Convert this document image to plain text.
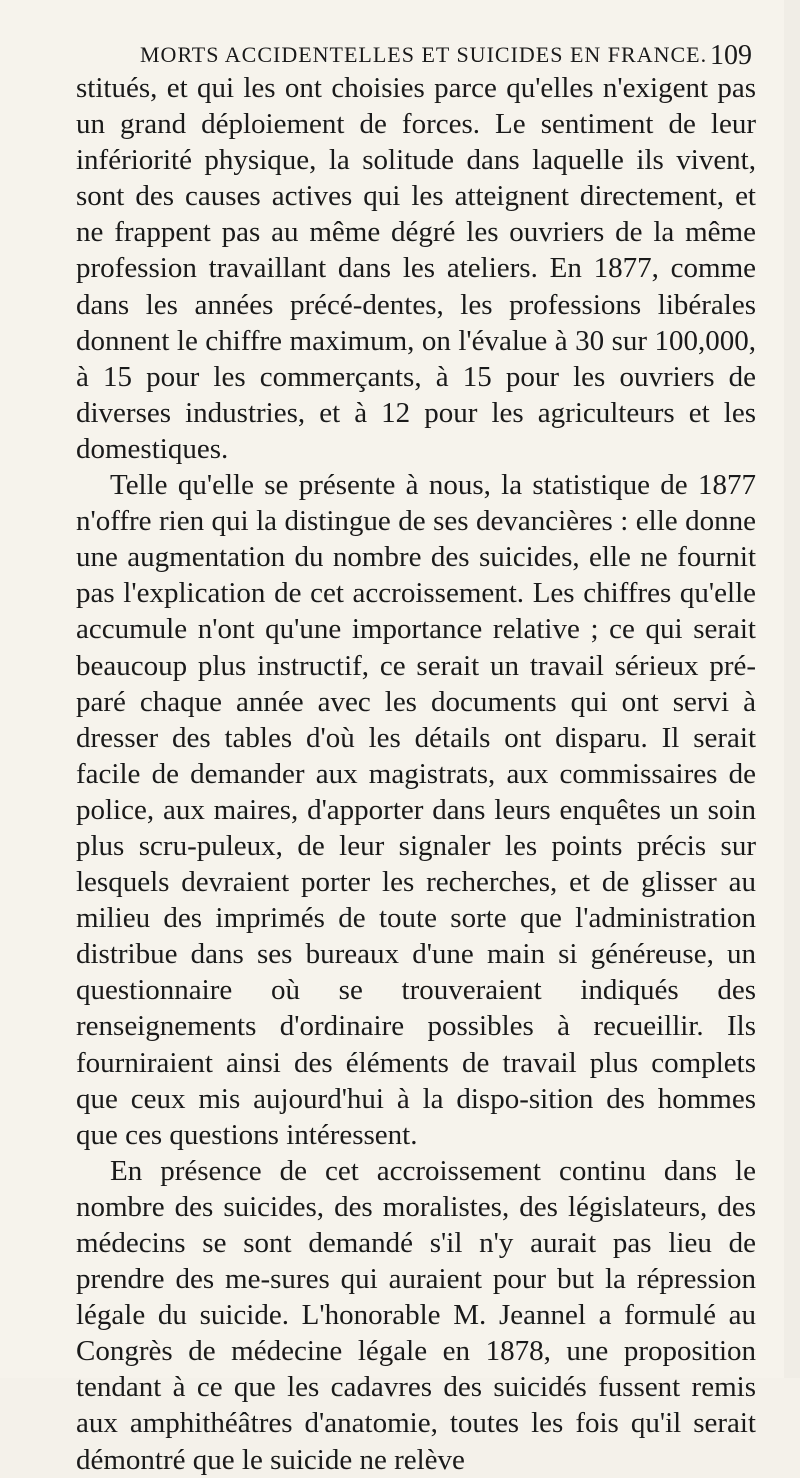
MORTS ACCIDENTELLES ET SUICIDES EN FRANCE. 109

stitués, et qui les ont choisies parce qu'elles n'exigent pas un grand déploiement de forces. Le sentiment de leur infériorité physique, la solitude dans laquelle ils vivent, sont des causes actives qui les atteignent directement, et ne frappent pas au même dégré les ouvriers de la même profession travaillant dans les ateliers. En 1877, comme dans les années précé-dentes, les professions libérales donnent le chiffre maximum, on l'évalue à 30 sur 100,000, à 15 pour les commerçants, à 15 pour les ouvriers de diverses industries, et à 12 pour les agriculteurs et les domestiques.

Telle qu'elle se présente à nous, la statistique de 1877 n'offre rien qui la distingue de ses devancières : elle donne une augmentation du nombre des suicides, elle ne fournit pas l'explication de cet accroissement. Les chiffres qu'elle accumule n'ont qu'une importance relative ; ce qui serait beaucoup plus instructif, ce serait un travail sérieux pré-paré chaque année avec les documents qui ont servi à dresser des tables d'où les détails ont disparu. Il serait facile de demander aux magistrats, aux commissaires de police, aux maires, d'apporter dans leurs enquêtes un soin plus scru-puleux, de leur signaler les points précis sur lesquels devraient porter les recherches, et de glisser au milieu des imprimés de toute sorte que l'administration distribue dans ses bureaux d'une main si généreuse, un questionnaire où se trouveraient indiqués des renseignements d'ordinaire possibles à recueillir. Ils fourniraient ainsi des éléments de travail plus complets que ceux mis aujourd'hui à la dispo-sition des hommes que ces questions intéressent.

En présence de cet accroissement continu dans le nombre des suicides, des moralistes, des législateurs, des médecins se sont demandé s'il n'y aurait pas lieu de prendre des me-sures qui auraient pour but la répression légale du suicide. L'honorable M. Jeannel a formulé au Congrès de médecine légale en 1878, une proposition tendant à ce que les cadavres des suicidés fussent remis aux amphithéâtres d'anatomie, toutes les fois qu'il serait démontré que le suicide ne relève
